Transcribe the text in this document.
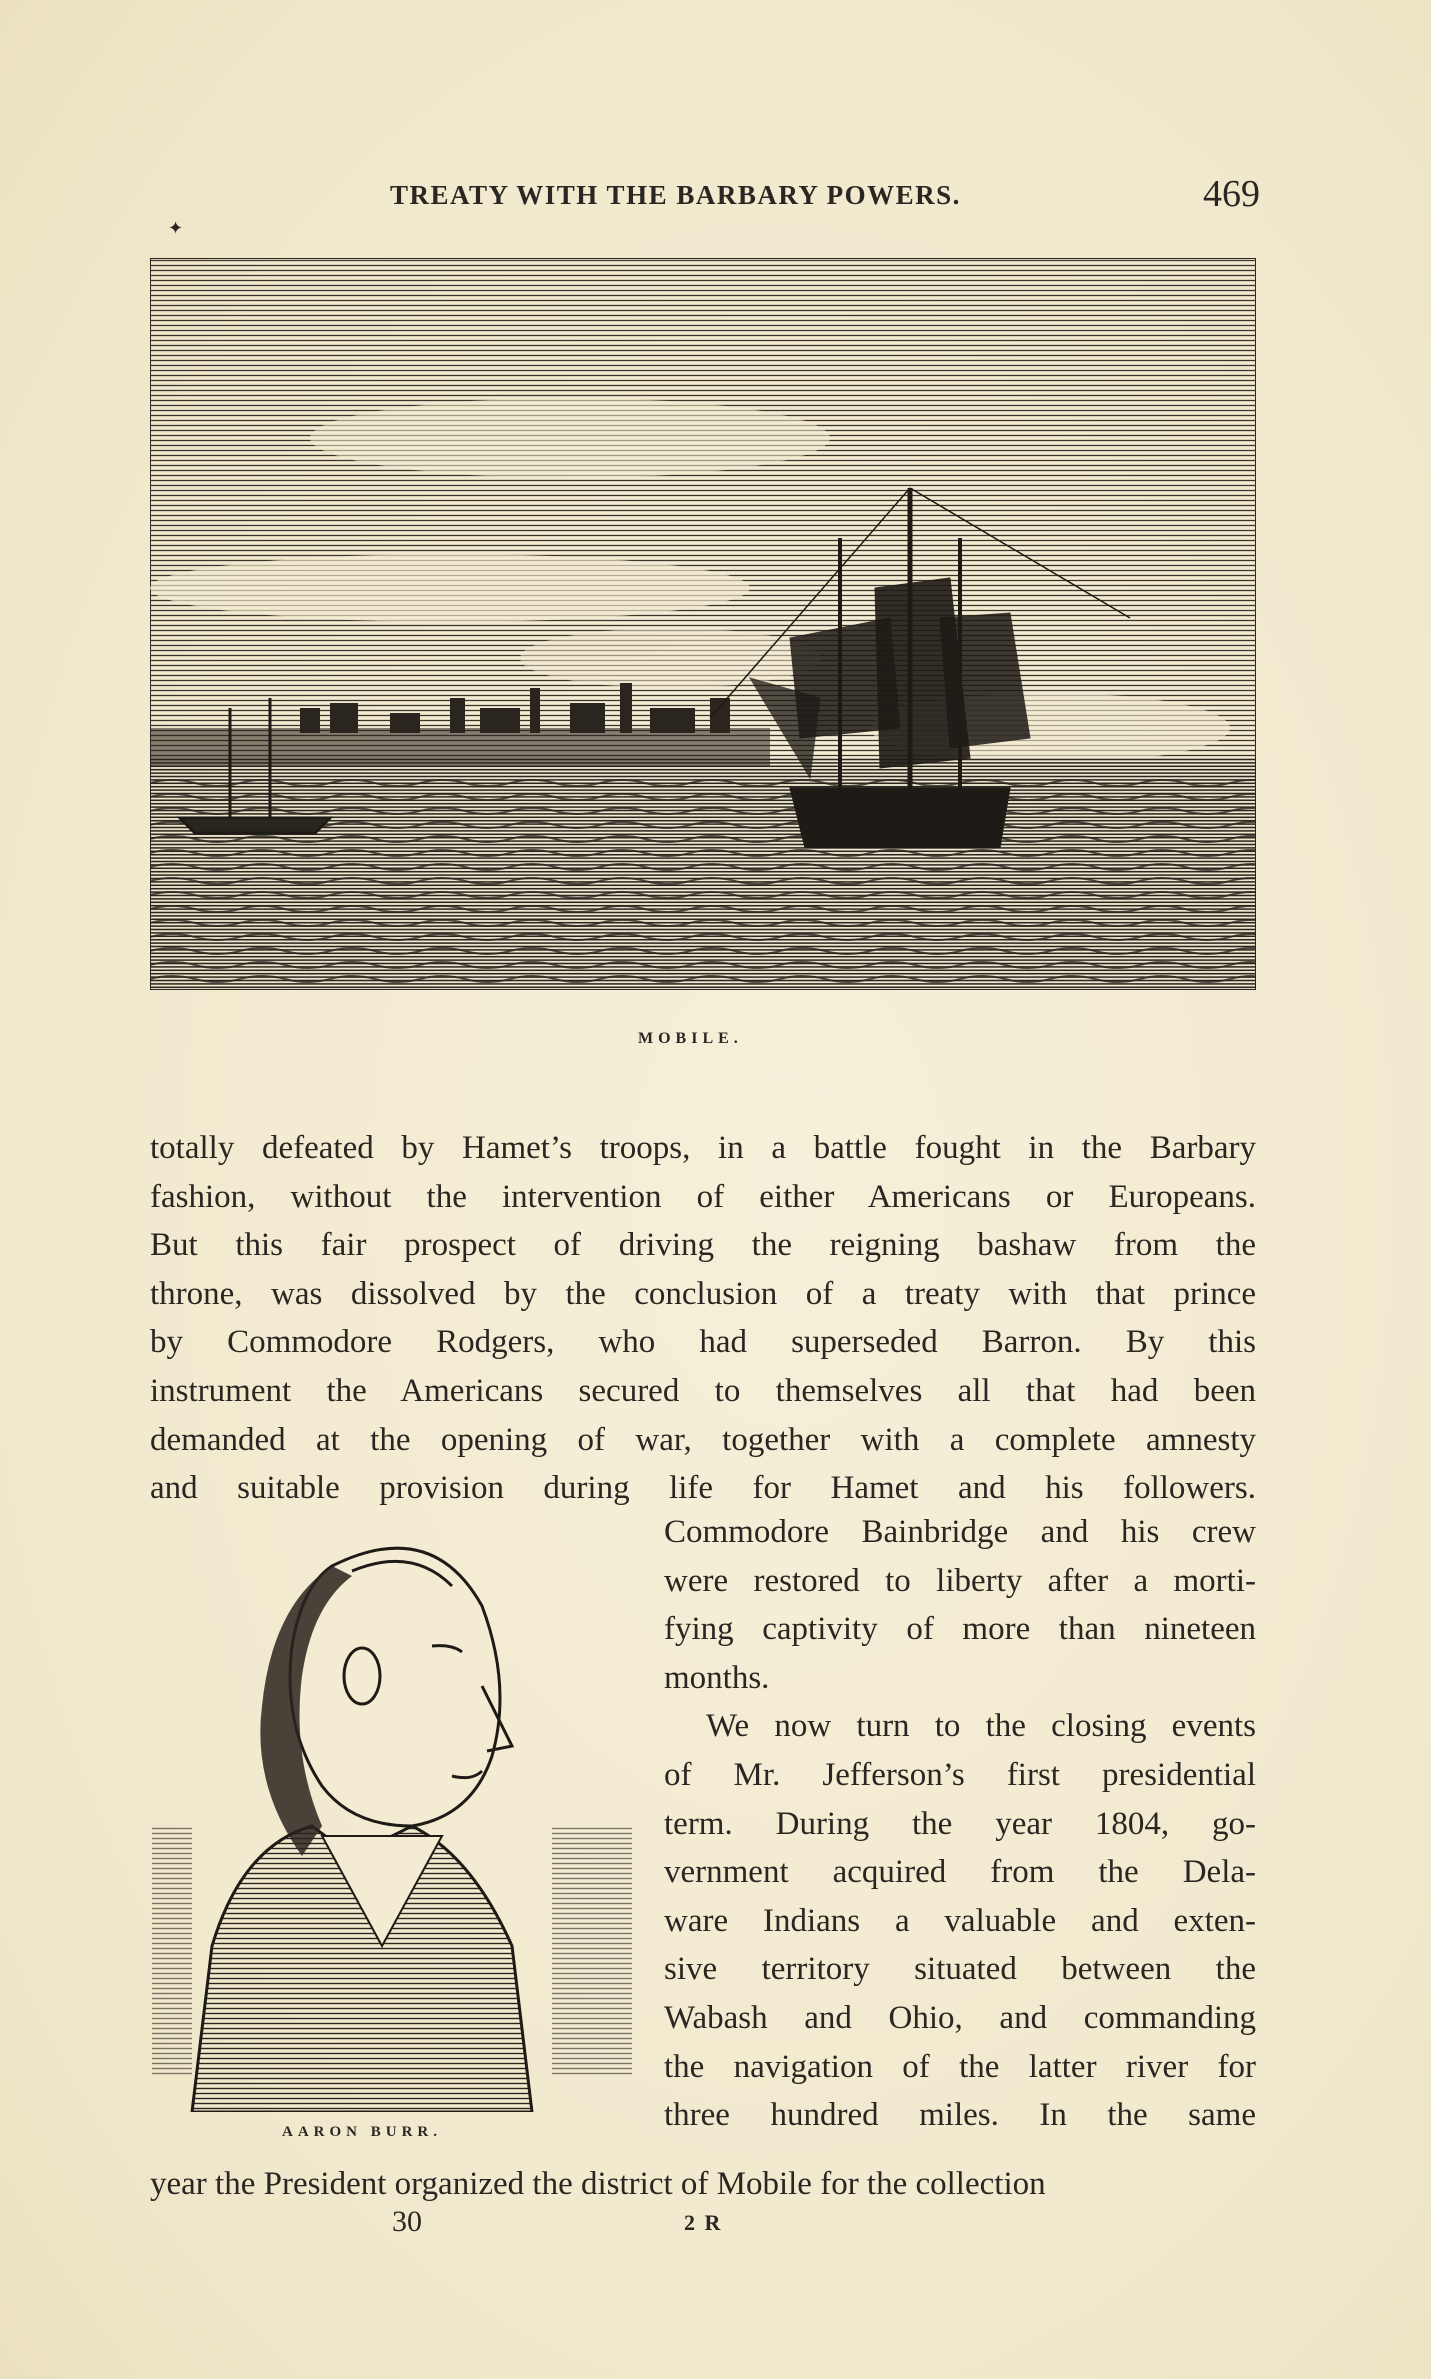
TREATY WITH THE BARBARY POWERS.	469
✦
MOBILE.
totally defeated by Hamet’s troops, in a battle fought in the Barbary
fashion, without the intervention of either Americans or Europeans.
But this fair prospect of driving the reigning bashaw from the
throne, was dissolved by the conclusion of a treaty with that prince
by Commodore Rodgers, who had superseded Barron. By this
instrument the Americans secured to themselves all that had been
demanded at the opening of war, together with a complete amnesty
and suitable provision during life for Hamet and his followers.
AARON BURR.
Commodore Bainbridge and his crew
were restored to liberty after a morti-
fying captivity of more than nineteen
months.
We now turn to the closing events
of Mr. Jefferson’s first presidential
term. During the year 1804, go-
vernment acquired from the Dela-
ware Indians a valuable and exten-
sive territory situated between the
Wabash and Ohio, and commanding
the navigation of the latter river for
three hundred miles. In the same
year the President organized the district of Mobile for the collection
30	2 R
